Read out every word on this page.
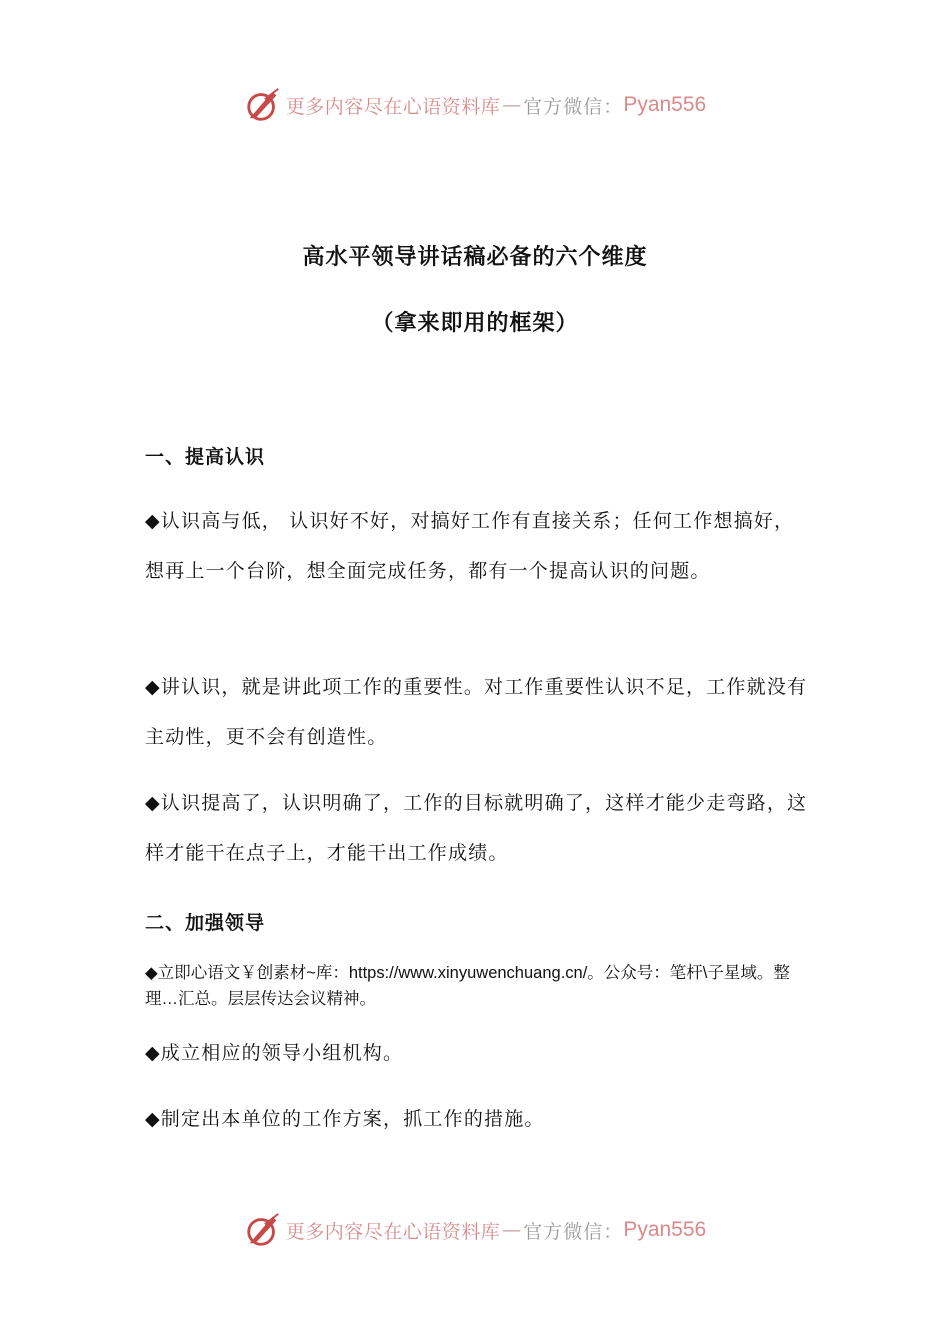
更多内容尽在心语资料库 — 官方微信： Pyan556
高水平领导讲话稿必备的六个维度
（拿来即用的框架）
一、提高认识

◆认识高与低， 认识好不好，对搞好工作有直接关系；任何工作想搞好，想再上一个台阶，想全面完成任务，都有一个提高认识的问题。

◆讲认识，就是讲此项工作的重要性。对工作重要性认识不足，工作就没有主动性，更不会有创造性。

◆认识提高了，认识明确了，工作的目标就明确了，这样才能少走弯路，这样才能干在点子上，才能干出工作成绩。

二、加强领导

◆立即心语文￥创素材~库：https://www.xinyuwenchuang.cn/。公众号：笔杆\子星域。整理…汇总。层层传达会议精神。

◆成立相应的领导小组机构。

◆制定出本单位的工作方案，抓工作的措施。

更多内容尽在心语资料库 — 官方微信： Pyan556
